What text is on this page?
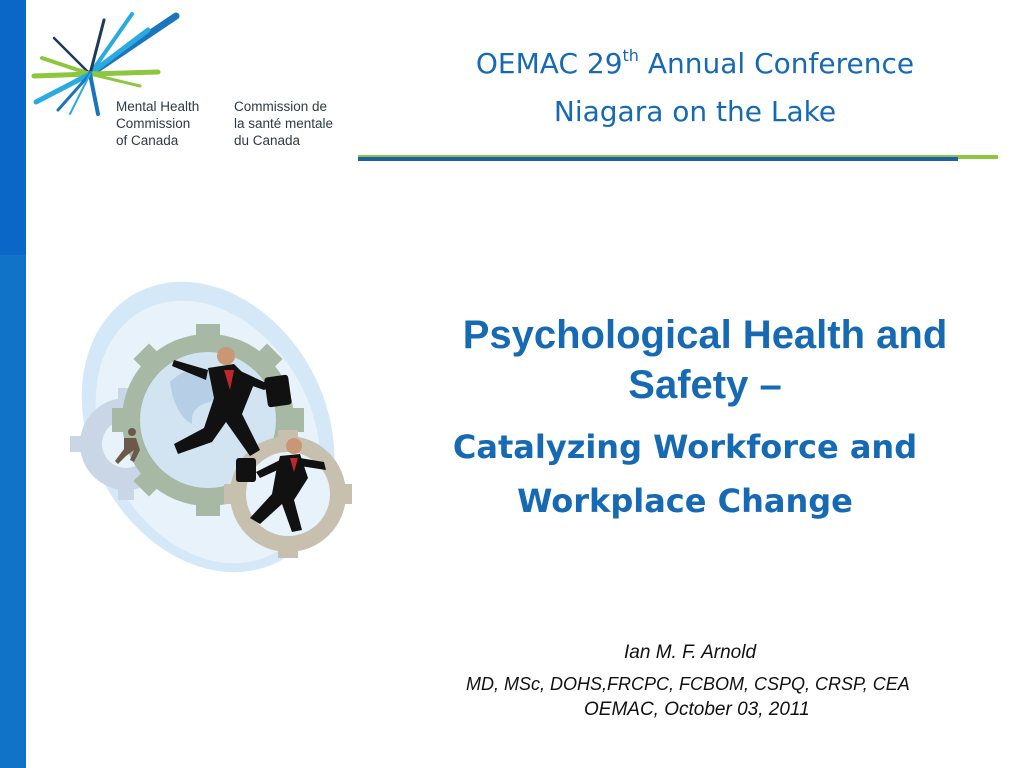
Mental Health
Commission
of Canada
Commission de
la santé mentale
du Canada
OEMAC 29th Annual Conference
Niagara on the Lake
Psychological Health and
Safety –
Catalyzing Workforce and
Workplace Change
Ian M. F. Arnold
MD, MSc, DOHS,FRCPC, FCBOM, CSPQ, CRSP, CEA
OEMAC, October 03, 2011
